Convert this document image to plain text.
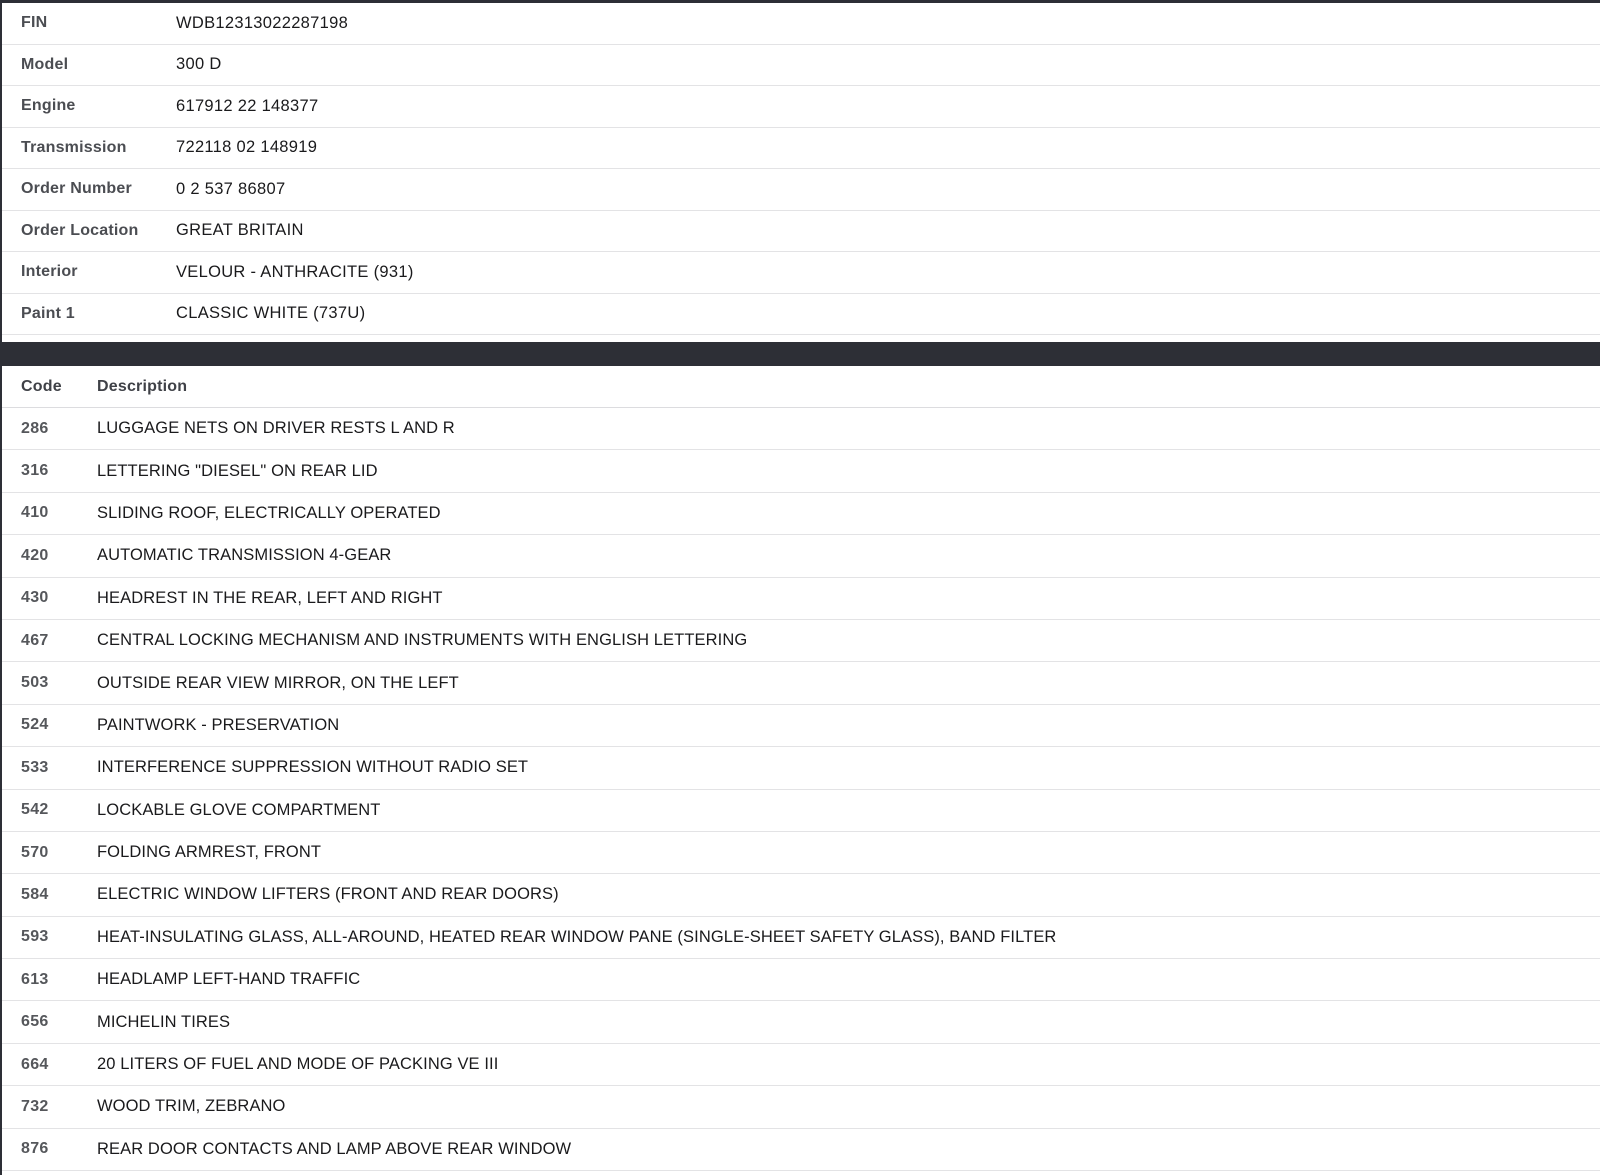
FIN	WDB12313022287198
Model	300 D
Engine	617912 22 148377
Transmission	722118 02 148919
Order Number	0 2 537 86807
Order Location	GREAT BRITAIN
Interior	VELOUR - ANTHRACITE (931)
Paint 1	CLASSIC WHITE (737U)
Code	Description
286	LUGGAGE NETS ON DRIVER RESTS L AND R
316	LETTERING "DIESEL" ON REAR LID
410	SLIDING ROOF, ELECTRICALLY OPERATED
420	AUTOMATIC TRANSMISSION 4-GEAR
430	HEADREST IN THE REAR, LEFT AND RIGHT
467	CENTRAL LOCKING MECHANISM AND INSTRUMENTS WITH ENGLISH LETTERING
503	OUTSIDE REAR VIEW MIRROR, ON THE LEFT
524	PAINTWORK - PRESERVATION
533	INTERFERENCE SUPPRESSION WITHOUT RADIO SET
542	LOCKABLE GLOVE COMPARTMENT
570	FOLDING ARMREST, FRONT
584	ELECTRIC WINDOW LIFTERS (FRONT AND REAR DOORS)
593	HEAT-INSULATING GLASS, ALL-AROUND, HEATED REAR WINDOW PANE (SINGLE-SHEET SAFETY GLASS), BAND FILTER
613	HEADLAMP LEFT-HAND TRAFFIC
656	MICHELIN TIRES
664	20 LITERS OF FUEL AND MODE OF PACKING VE III
732	WOOD TRIM, ZEBRANO
876	REAR DOOR CONTACTS AND LAMP ABOVE REAR WINDOW
